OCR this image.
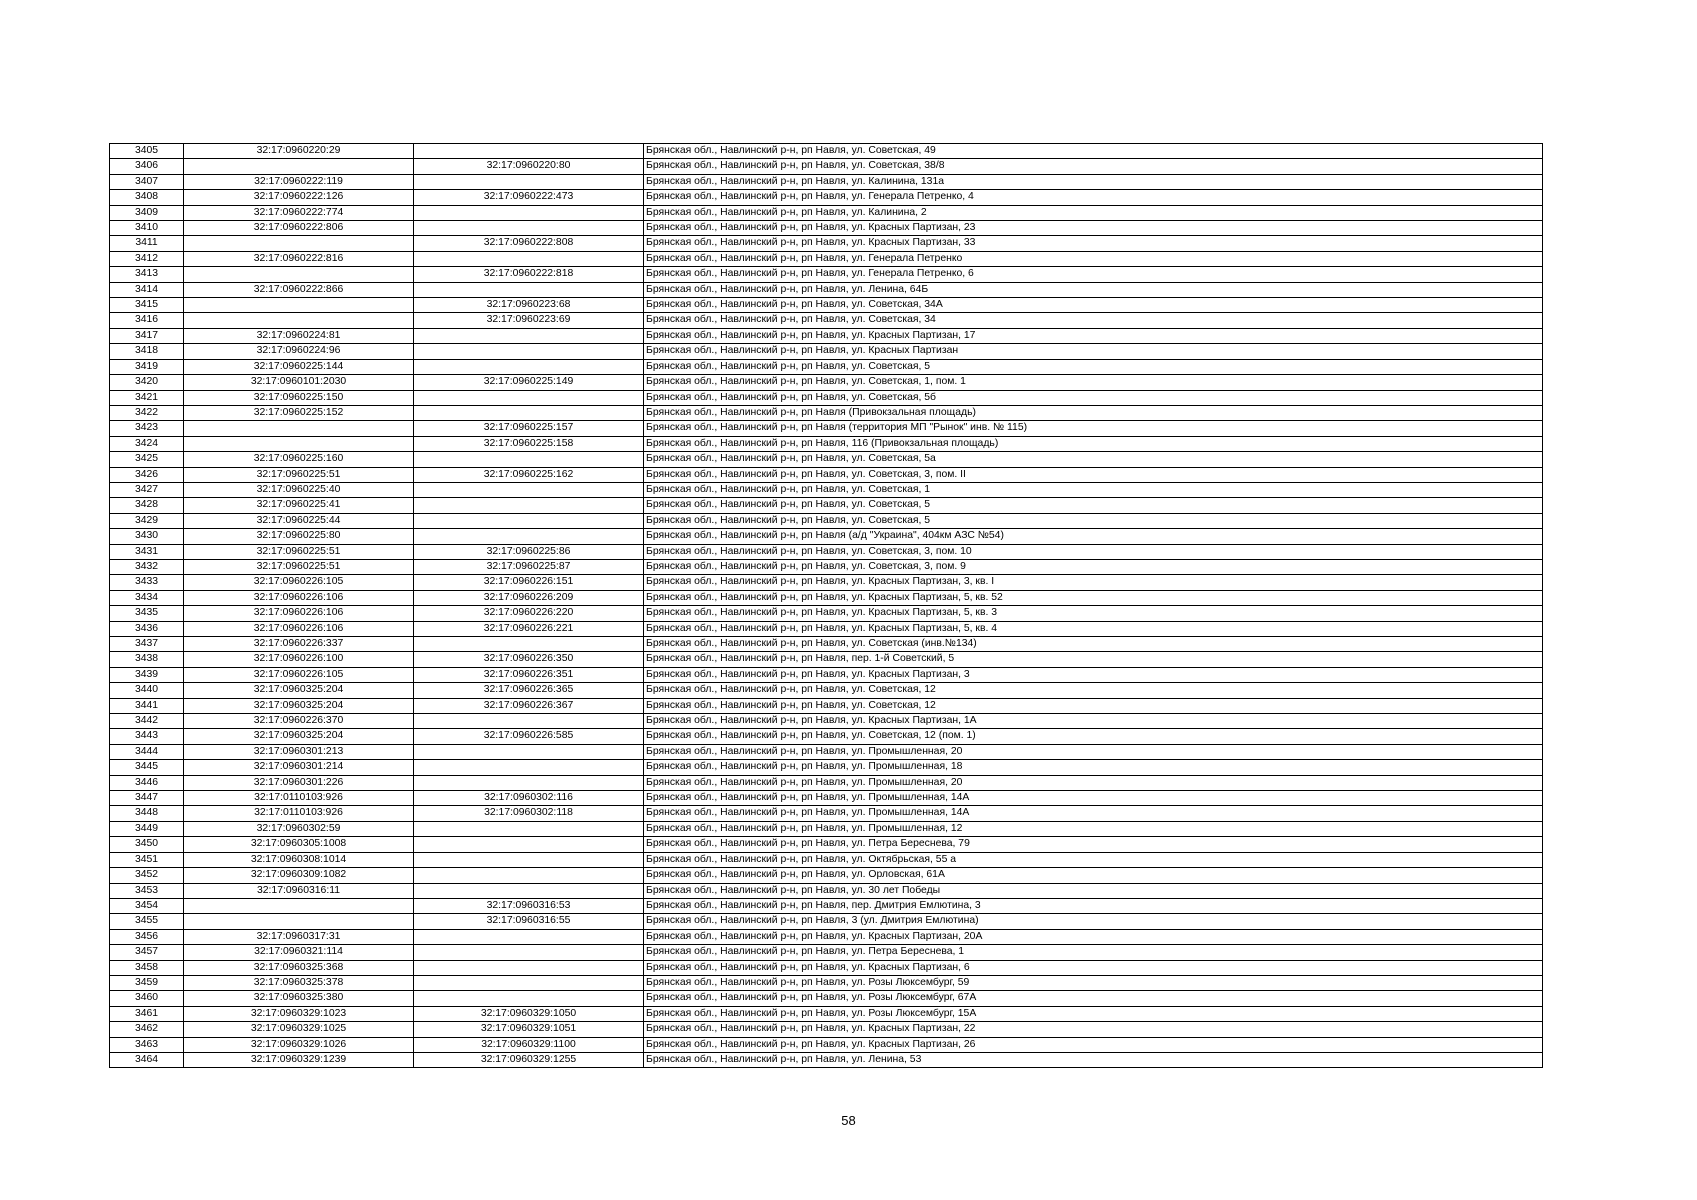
3405	32:17:0960220:29		Брянская обл., Навлинский р-н, рп Навля, ул. Советская, 49
3406		32:17:0960220:80	Брянская обл., Навлинский р-н, рп Навля, ул. Советская, 38/8
3407	32:17:0960222:119		Брянская обл., Навлинский р-н, рп Навля, ул. Калинина, 131а
3408	32:17:0960222:126	32:17:0960222:473	Брянская обл., Навлинский р-н, рп Навля, ул. Генерала Петренко, 4
3409	32:17:0960222:774		Брянская обл., Навлинский р-н, рп Навля, ул. Калинина, 2
3410	32:17:0960222:806		Брянская обл., Навлинский р-н, рп Навля, ул. Красных Партизан, 23
3411		32:17:0960222:808	Брянская обл., Навлинский р-н, рп Навля, ул. Красных Партизан, 33
3412	32:17:0960222:816		Брянская обл., Навлинский р-н, рп Навля, ул. Генерала Петренко
3413		32:17:0960222:818	Брянская обл., Навлинский р-н, рп Навля, ул. Генерала Петренко, 6
3414	32:17:0960222:866		Брянская обл., Навлинский р-н, рп Навля, ул. Ленина, 64Б
3415		32:17:0960223:68	Брянская обл., Навлинский р-н, рп Навля, ул. Советская, 34А
3416		32:17:0960223:69	Брянская обл., Навлинский р-н, рп Навля, ул. Советская, 34
3417	32:17:0960224:81		Брянская обл., Навлинский р-н, рп Навля, ул. Красных Партизан, 17
3418	32:17:0960224:96		Брянская обл., Навлинский р-н, рп Навля, ул. Красных Партизан
3419	32:17:0960225:144		Брянская обл., Навлинский р-н, рп Навля, ул. Советская, 5
3420	32:17:0960101:2030	32:17:0960225:149	Брянская обл., Навлинский р-н, рп Навля, ул. Советская, 1, пом. 1
3421	32:17:0960225:150		Брянская обл., Навлинский р-н, рп Навля, ул. Советская, 5б
3422	32:17:0960225:152		Брянская обл., Навлинский р-н, рп Навля (Привокзальная площадь)
3423		32:17:0960225:157	Брянская обл., Навлинский р-н, рп Навля (территория МП "Рынок" инв. № 115)
3424		32:17:0960225:158	Брянская обл., Навлинский р-н, рп Навля, 116 (Привокзальная площадь)
3425	32:17:0960225:160		Брянская обл., Навлинский р-н, рп Навля, ул. Советская, 5а
3426	32:17:0960225:51	32:17:0960225:162	Брянская обл., Навлинский р-н, рп Навля, ул. Советская, 3, пом. II
3427	32:17:0960225:40		Брянская обл., Навлинский р-н, рп Навля, ул. Советская, 1
3428	32:17:0960225:41		Брянская обл., Навлинский р-н, рп Навля, ул. Советская, 5
3429	32:17:0960225:44		Брянская обл., Навлинский р-н, рп Навля, ул. Советская, 5
3430	32:17:0960225:80		Брянская обл., Навлинский р-н, рп Навля (а/д "Украина", 404км АЗС №54)
3431	32:17:0960225:51	32:17:0960225:86	Брянская обл., Навлинский р-н, рп Навля, ул. Советская, 3, пом. 10
3432	32:17:0960225:51	32:17:0960225:87	Брянская обл., Навлинский р-н, рп Навля, ул. Советская, 3, пом. 9
3433	32:17:0960226:105	32:17:0960226:151	Брянская обл., Навлинский р-н, рп Навля, ул. Красных Партизан, 3, кв. I
3434	32:17:0960226:106	32:17:0960226:209	Брянская обл., Навлинский р-н, рп Навля, ул. Красных Партизан, 5, кв. 52
3435	32:17:0960226:106	32:17:0960226:220	Брянская обл., Навлинский р-н, рп Навля, ул. Красных Партизан, 5, кв. 3
3436	32:17:0960226:106	32:17:0960226:221	Брянская обл., Навлинский р-н, рп Навля, ул. Красных Партизан, 5, кв. 4
3437	32:17:0960226:337		Брянская обл., Навлинский р-н, рп Навля, ул. Советская (инв.№134)
3438	32:17:0960226:100	32:17:0960226:350	Брянская обл., Навлинский р-н, рп Навля, пер. 1-й Советский, 5
3439	32:17:0960226:105	32:17:0960226:351	Брянская обл., Навлинский р-н, рп Навля, ул. Красных Партизан, 3
3440	32:17:0960325:204	32:17:0960226:365	Брянская обл., Навлинский р-н, рп Навля, ул. Советская, 12
3441	32:17:0960325:204	32:17:0960226:367	Брянская обл., Навлинский р-н, рп Навля, ул. Советская, 12
3442	32:17:0960226:370		Брянская обл., Навлинский р-н, рп Навля, ул. Красных Партизан, 1А
3443	32:17:0960325:204	32:17:0960226:585	Брянская обл., Навлинский р-н, рп Навля, ул. Советская, 12 (пом. 1)
3444	32:17:0960301:213		Брянская обл., Навлинский р-н, рп Навля, ул. Промышленная, 20
3445	32:17:0960301:214		Брянская обл., Навлинский р-н, рп Навля, ул. Промышленная, 18
3446	32:17:0960301:226		Брянская обл., Навлинский р-н, рп Навля, ул. Промышленная, 20
3447	32:17:0110103:926	32:17:0960302:116	Брянская обл., Навлинский р-н, рп Навля, ул. Промышленная, 14А
3448	32:17:0110103:926	32:17:0960302:118	Брянская обл., Навлинский р-н, рп Навля, ул. Промышленная, 14А
3449	32:17:0960302:59		Брянская обл., Навлинский р-н, рп Навля, ул. Промышленная, 12
3450	32:17:0960305:1008		Брянская обл., Навлинский р-н, рп Навля, ул. Петра Береснева, 79
3451	32:17:0960308:1014		Брянская обл., Навлинский р-н, рп Навля, ул. Октябрьская, 55 а
3452	32:17:0960309:1082		Брянская обл., Навлинский р-н, рп Навля, ул. Орловская, 61А
3453	32:17:0960316:11		Брянская обл., Навлинский р-н, рп Навля, ул. 30 лет Победы
3454		32:17:0960316:53	Брянская обл., Навлинский р-н, рп Навля, пер. Дмитрия Емлютина, 3
3455		32:17:0960316:55	Брянская обл., Навлинский р-н, рп Навля, 3 (ул. Дмитрия Емлютина)
3456	32:17:0960317:31		Брянская обл., Навлинский р-н, рп Навля, ул. Красных Партизан, 20А
3457	32:17:0960321:114		Брянская обл., Навлинский р-н, рп Навля, ул. Петра Береснева, 1
3458	32:17:0960325:368		Брянская обл., Навлинский р-н, рп Навля, ул. Красных Партизан, 6
3459	32:17:0960325:378		Брянская обл., Навлинский р-н, рп Навля, ул. Розы Люксембург, 59
3460	32:17:0960325:380		Брянская обл., Навлинский р-н, рп Навля, ул. Розы Люксембург, 67А
3461	32:17:0960329:1023	32:17:0960329:1050	Брянская обл., Навлинский р-н, рп Навля, ул. Розы Люксембург, 15А
3462	32:17:0960329:1025	32:17:0960329:1051	Брянская обл., Навлинский р-н, рп Навля, ул. Красных Партизан, 22
3463	32:17:0960329:1026	32:17:0960329:1100	Брянская обл., Навлинский р-н, рп Навля, ул. Красных Партизан, 26
3464	32:17:0960329:1239	32:17:0960329:1255	Брянская обл., Навлинский р-н, рп Навля, ул. Ленина, 53
58
